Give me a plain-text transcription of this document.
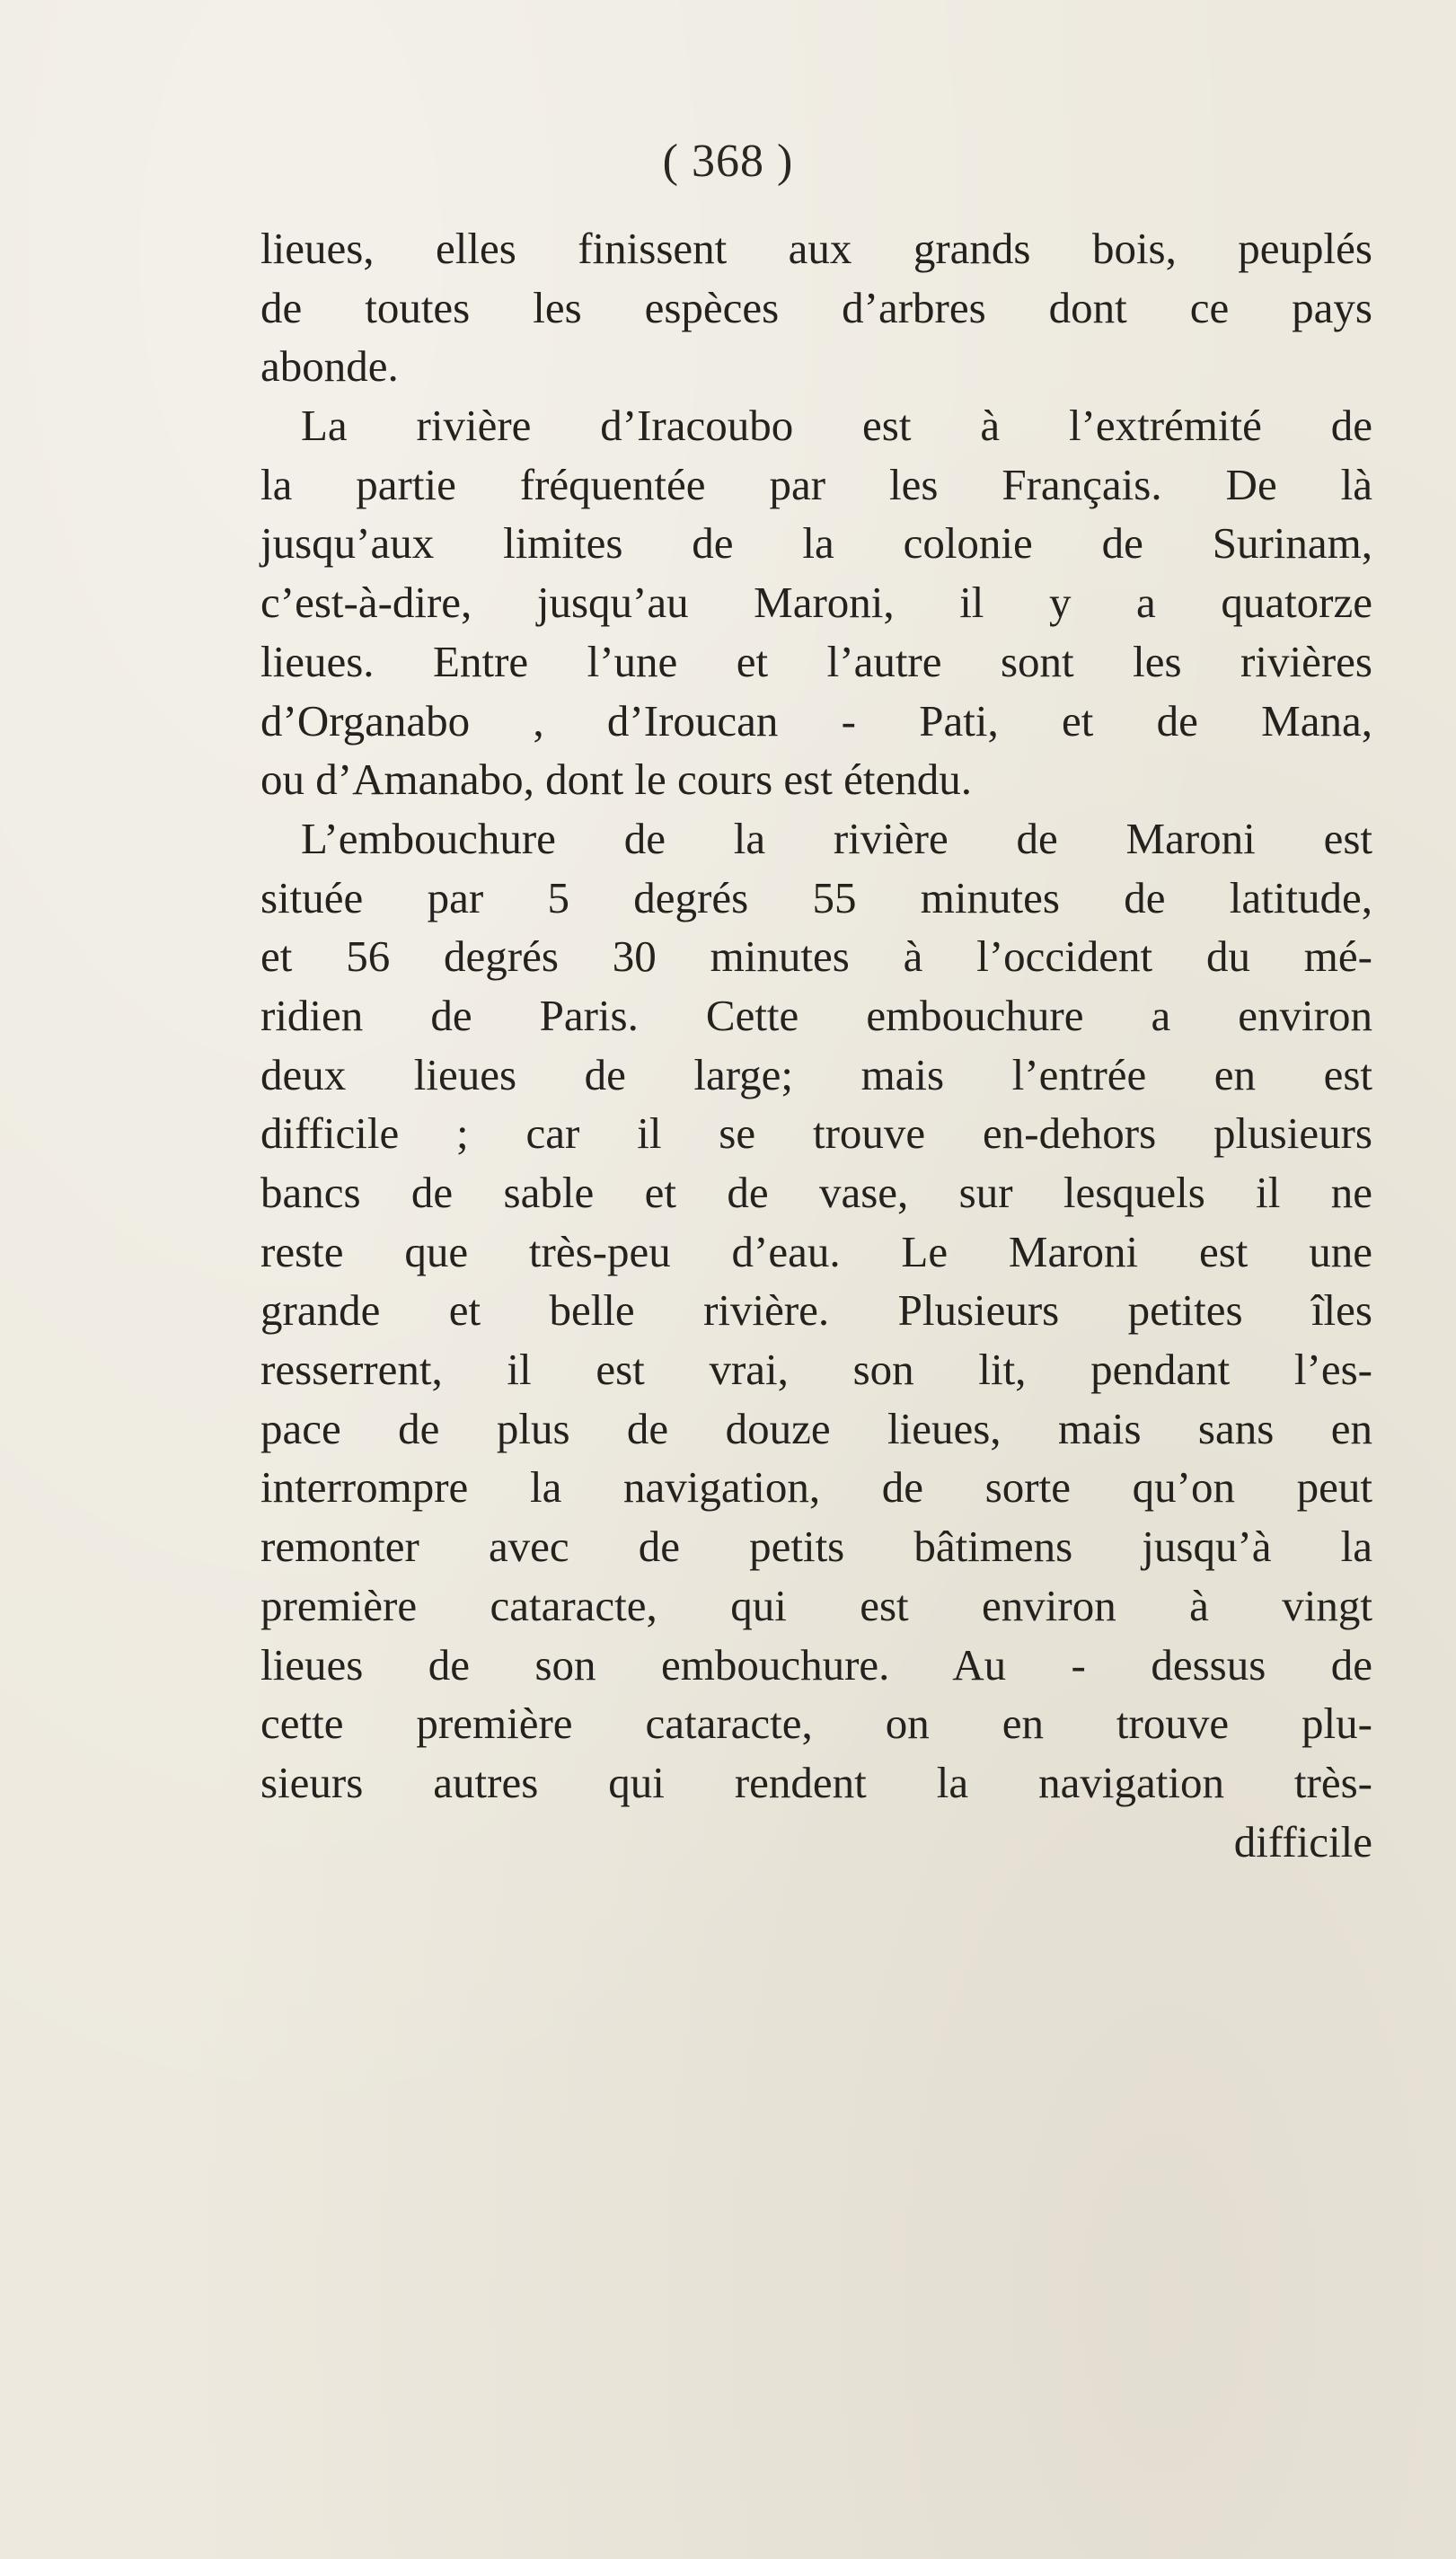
( 368 )
lieues, elles finissent aux grands bois, peuplés
de toutes les espèces d’arbres dont ce pays
abonde.
La rivière d’Iracoubo est à l’extrémité de
la partie fréquentée par les Français. De là
jusqu’aux limites de la colonie de Surinam,
c’est-à-dire, jusqu’au Maroni, il y a quatorze
lieues. Entre l’une et l’autre sont les rivières
d’Organabo , d’Iroucan - Pati, et de Mana,
ou d’Amanabo, dont le cours est étendu.
L’embouchure de la rivière de Maroni est
située par 5 degrés 55 minutes de latitude,
et 56 degrés 30 minutes à l’occident du mé-
ridien de Paris. Cette embouchure a environ
deux lieues de large; mais l’entrée en est
difficile ; car il se trouve en-dehors plusieurs
bancs de sable et de vase, sur lesquels il ne
reste que très-peu d’eau. Le Maroni est une
grande et belle rivière. Plusieurs petites îles
resserrent, il est vrai, son lit, pendant l’es-
pace de plus de douze lieues, mais sans en
interrompre la navigation, de sorte qu’on peut
remonter avec de petits bâtimens jusqu’à la
première cataracte, qui est environ à vingt
lieues de son embouchure. Au - dessus de
cette première cataracte, on en trouve plu-
sieurs autres qui rendent la navigation très-
difficile
